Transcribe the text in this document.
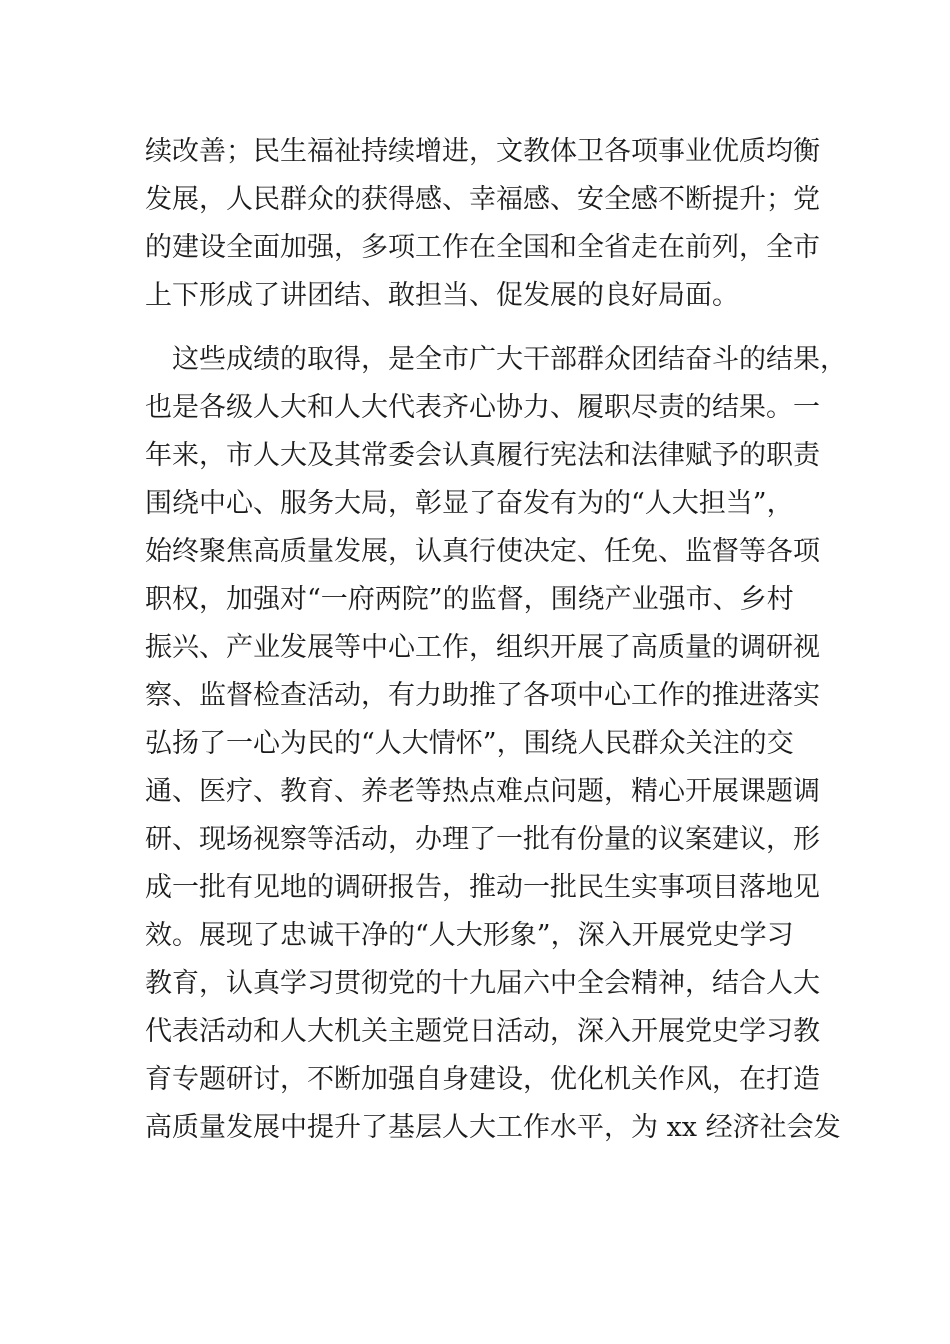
续改善；民生福祉持续增进，文教体卫各项事业优质均衡
发展，人民群众的获得感、幸福感、安全感不断提升；党
的建设全面加强，多项工作在全国和全省走在前列，全市
上下形成了讲团结、敢担当、促发展的良好局面。
　这些成绩的取得，是全市广大干部群众团结奋斗的结果，
也是各级人大和人大代表齐心协力、履职尽责的结果。一
年来，市人大及其常委会认真履行宪法和法律赋予的职责
围绕中心、服务大局，彰显了奋发有为的“人大担当”，
始终聚焦高质量发展，认真行使决定、任免、监督等各项
职权，加强对“一府两院”的监督，围绕产业强市、乡村
振兴、产业发展等中心工作，组织开展了高质量的调研视
察、监督检查活动，有力助推了各项中心工作的推进落实
弘扬了一心为民的“人大情怀”，围绕人民群众关注的交
通、医疗、教育、养老等热点难点问题，精心开展课题调
研、现场视察等活动，办理了一批有份量的议案建议，形
成一批有见地的调研报告，推动一批民生实事项目落地见
效。展现了忠诚干净的“人大形象”，深入开展党史学习
教育，认真学习贯彻党的十九届六中全会精神，结合人大
代表活动和人大机关主题党日活动，深入开展党史学习教
育专题研讨，不断加强自身建设，优化机关作风，在打造
高质量发展中提升了基层人大工作水平，为 xx 经济社会发
